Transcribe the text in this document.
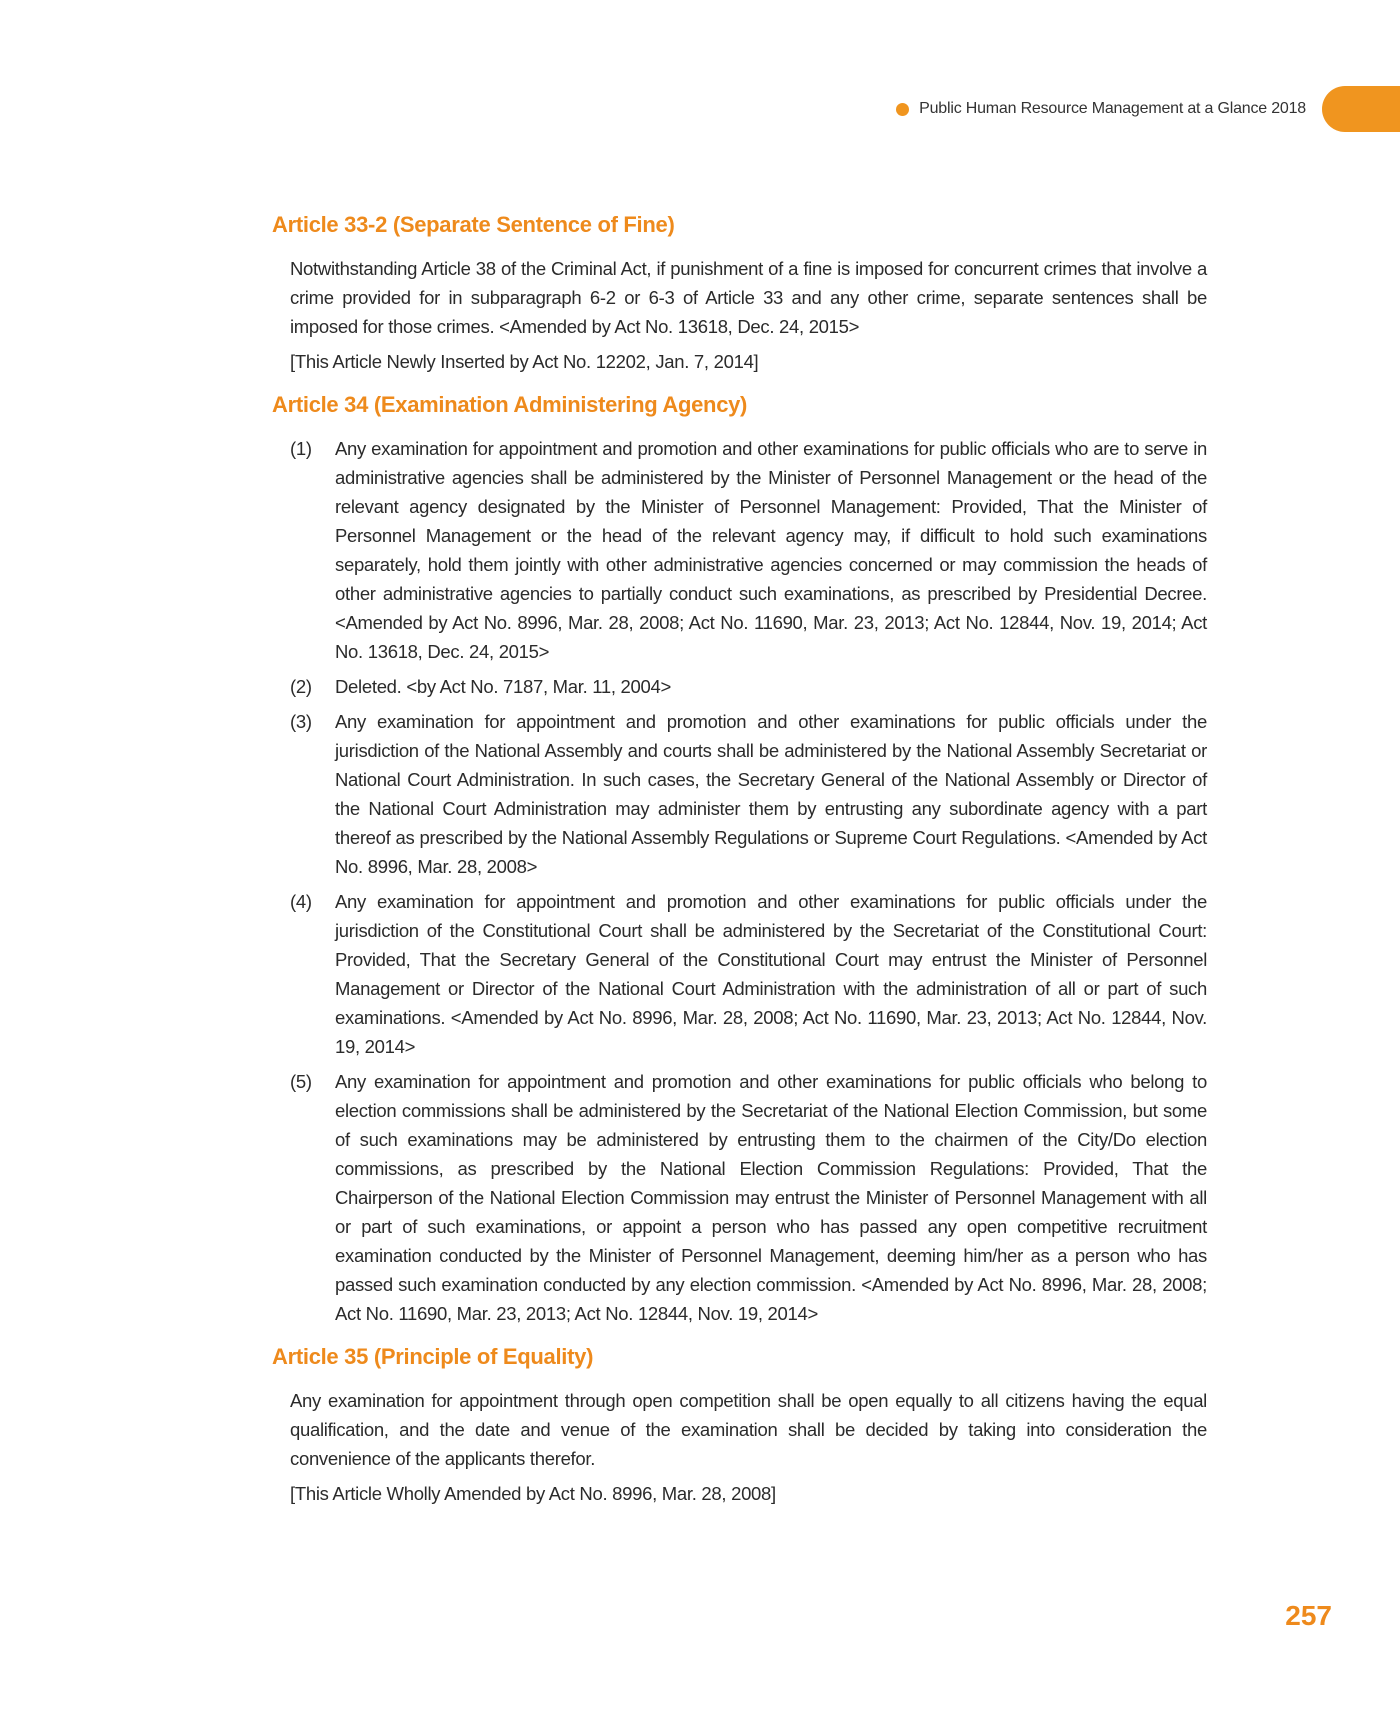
Public Human Resource Management at a Glance 2018
Article 33-2 (Separate Sentence of Fine)

Notwithstanding Article 38 of the Criminal Act, if punishment of a fine is imposed for concurrent crimes that involve a crime provided for in subparagraph 6-2 or 6-3 of Article 33 and any other crime, separate sentences shall be imposed for those crimes. <Amended by Act No. 13618, Dec. 24, 2015>

[This Article Newly Inserted by Act No. 12202, Jan. 7, 2014]

Article 34 (Examination Administering Agency)
(1) Any examination for appointment and promotion and other examinations for public officials who are to serve in administrative agencies shall be administered by the Minister of Personnel Management or the head of the relevant agency designated by the Minister of Personnel Management: Provided, That the Minister of Personnel Management or the head of the relevant agency may, if difficult to hold such examinations separately, hold them jointly with other administrative agencies concerned or may commission the heads of other administrative agencies to partially conduct such examinations, as prescribed by Presidential Decree. <Amended by Act No. 8996, Mar. 28, 2008; Act No. 11690, Mar. 23, 2013; Act No. 12844, Nov. 19, 2014; Act No. 13618, Dec. 24, 2015>
(2) Deleted. <by Act No. 7187, Mar. 11, 2004>
(3) Any examination for appointment and promotion and other examinations for public officials under the jurisdiction of the National Assembly and courts shall be administered by the National Assembly Secretariat or National Court Administration. In such cases, the Secretary General of the National Assembly or Director of the National Court Administration may administer them by entrusting any subordinate agency with a part thereof as prescribed by the National Assembly Regulations or Supreme Court Regulations. <Amended by Act No. 8996, Mar. 28, 2008>
(4) Any examination for appointment and promotion and other examinations for public officials under the jurisdiction of the Constitutional Court shall be administered by the Secretariat of the Constitutional Court: Provided, That the Secretary General of the Constitutional Court may entrust the Minister of Personnel Management or Director of the National Court Administration with the administration of all or part of such examinations. <Amended by Act No. 8996, Mar. 28, 2008; Act No. 11690, Mar. 23, 2013; Act No. 12844, Nov. 19, 2014>
(5) Any examination for appointment and promotion and other examinations for public officials who belong to election commissions shall be administered by the Secretariat of the National Election Commission, but some of such examinations may be administered by entrusting them to the chairmen of the City/Do election commissions, as prescribed by the National Election Commission Regulations: Provided, That the Chairperson of the National Election Commission may entrust the Minister of Personnel Management with all or part of such examinations, or appoint a person who has passed any open competitive recruitment examination conducted by the Minister of Personnel Management, deeming him/her as a person who has passed such examination conducted by any election commission. <Amended by Act No. 8996, Mar. 28, 2008; Act No. 11690, Mar. 23, 2013; Act No. 12844, Nov. 19, 2014>
Article 35 (Principle of Equality)

Any examination for appointment through open competition shall be open equally to all citizens having the equal qualification, and the date and venue of the examination shall be decided by taking into consideration the convenience of the applicants therefor.

[This Article Wholly Amended by Act No. 8996, Mar. 28, 2008]

257
